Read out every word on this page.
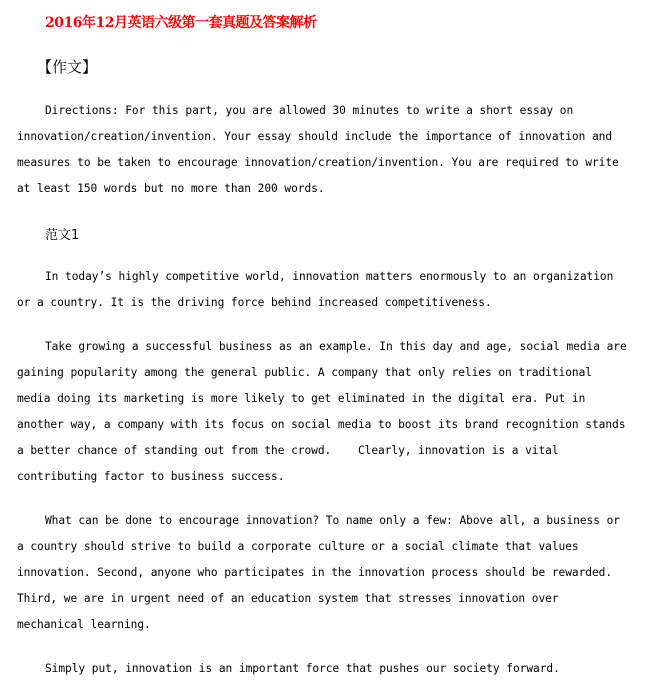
2016年12月英语六级第一套真题及答案解析
【作文】
Directions: For this part, you are allowed 30 minutes to write a short essay on
innovation/creation/invention. Your essay should include the importance of innovation and
measures to be taken to encourage innovation/creation/invention. You are required to write
at least 150 words but no more than 200 words.
范文1
In today’s highly competitive world, innovation matters enormously to an organization
or a country. It is the driving force behind increased competitiveness.
Take growing a successful business as an example. In this day and age, social media are
gaining popularity among the general public. A company that only relies on traditional
media doing its marketing is more likely to get eliminated in the digital era. Put in
another way, a company with its focus on social media to boost its brand recognition stands
a better chance of standing out from the crowd.    Clearly, innovation is a vital
contributing factor to business success.
What can be done to encourage innovation? To name only a few: Above all, a business or
a country should strive to build a corporate culture or a social climate that values
innovation. Second, anyone who participates in the innovation process should be rewarded.
Third, we are in urgent need of an education system that stresses innovation over
mechanical learning.
Simply put, innovation is an important force that pushes our society forward.
